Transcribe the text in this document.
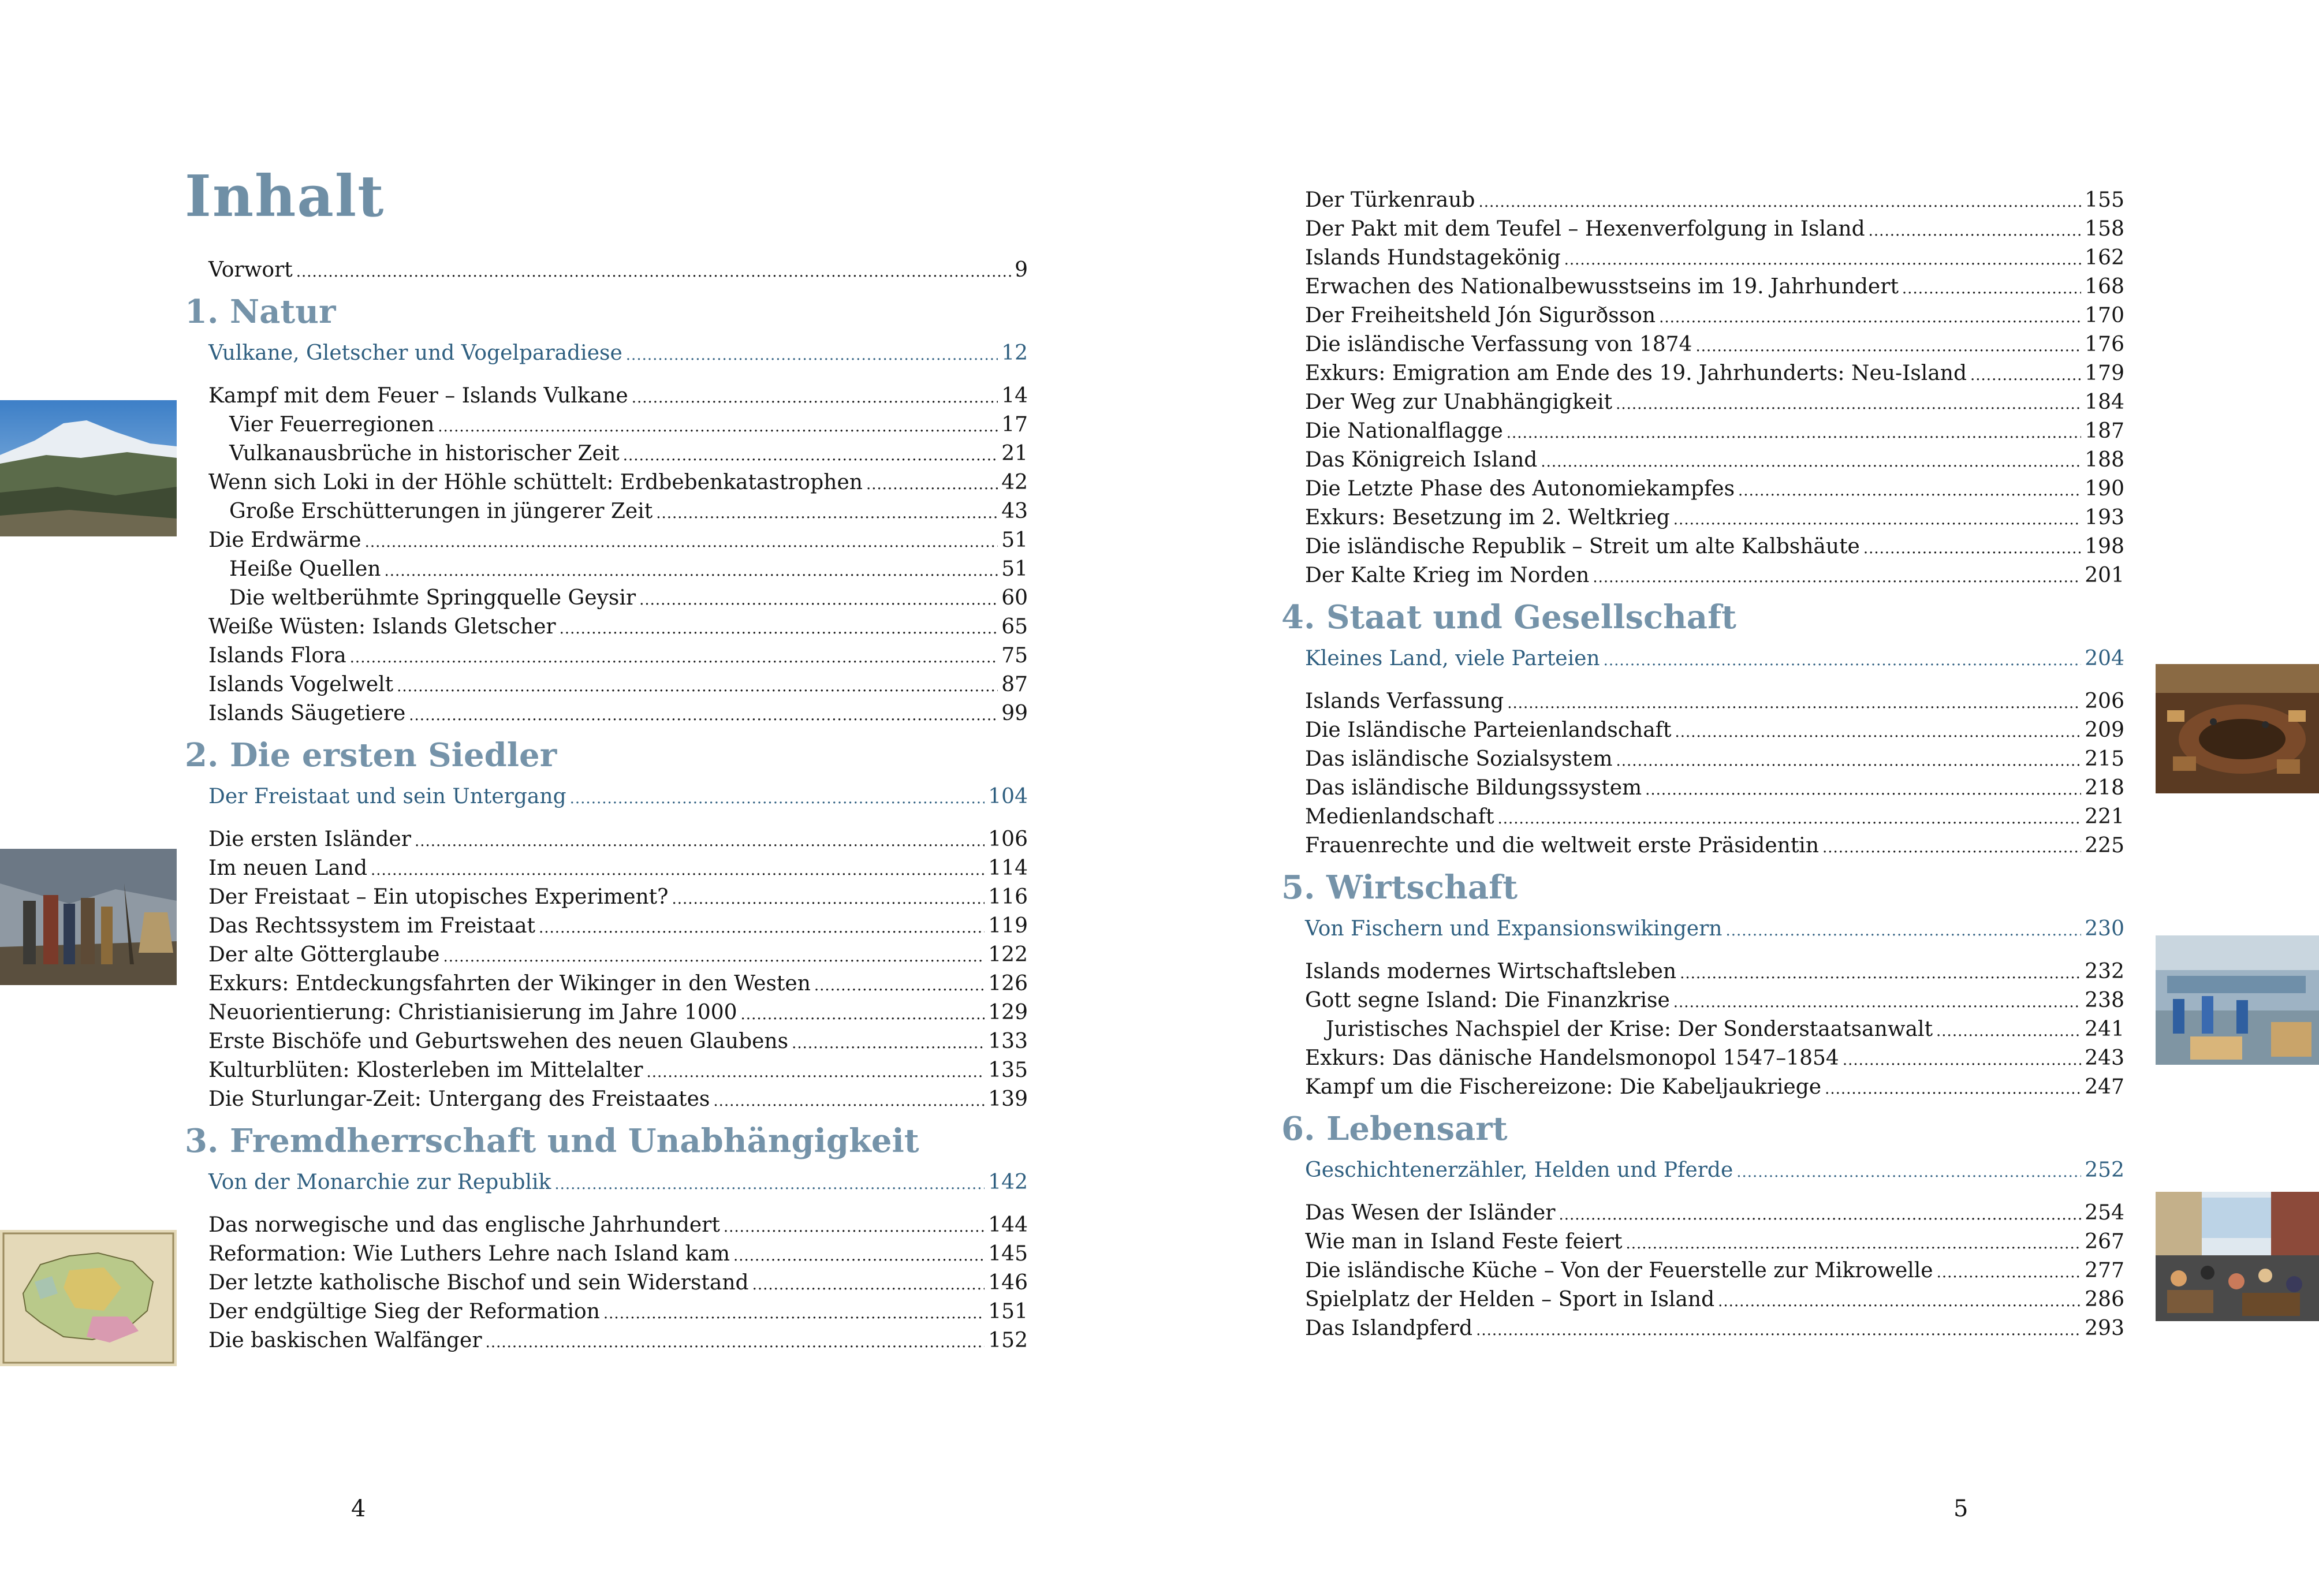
Inhalt
Vorwort .....	9
1. Natur
Vulkane, Gletscher und Vogelparadiese .....	12
Kampf mit dem Feuer – Islands Vulkane .....	14
Vier Feuerregionen .....	17
Vulkanausbrüche in historischer Zeit .....	21
Wenn sich Loki in der Höhle schüttelt: Erdbebenkatastrophen .....	42
Große Erschütterungen in jüngerer Zeit .....	43
Die Erdwärme .....	51
Heiße Quellen .....	51
Die weltberühmte Springquelle Geysir .....	60
Weiße Wüsten: Islands Gletscher .....	65
Islands Flora .....	75
Islands Vogelwelt .....	87
Islands Säugetiere .....	99
2. Die ersten Siedler
Der Freistaat und sein Untergang .....	104
Die ersten Isländer .....	106
Im neuen Land .....	114
Der Freistaat – Ein utopisches Experiment? .....	116
Das Rechtssystem im Freistaat .....	119
Der alte Götterglaube .....	122
Exkurs: Entdeckungsfahrten der Wikinger in den Westen .....	126
Neuorientierung: Christianisierung im Jahre 1000 .....	129
Erste Bischöfe und Geburtswehen des neuen Glaubens .....	133
Kulturblüten: Klosterleben im Mittelalter .....	135
Die Sturlungar-Zeit: Untergang des Freistaates .....	139
3. Fremdherrschaft und Unabhängigkeit
Von der Monarchie zur Republik .....	142
Das norwegische und das englische Jahrhundert .....	144
Reformation: Wie Luthers Lehre nach Island kam .....	145
Der letzte katholische Bischof und sein Widerstand .....	146
Der endgültige Sieg der Reformation .....	151
Die baskischen Walfänger .....	152
4
Der Türkenraub .....	155
Der Pakt mit dem Teufel – Hexenverfolgung in Island .....	158
Islands Hundstagekönig .....	162
Erwachen des Nationalbewusstseins im 19. Jahrhundert .....	168
Der Freiheitsheld Jón Sigurðsson .....	170
Die isländische Verfassung von 1874 .....	176
Exkurs: Emigration am Ende des 19. Jahrhunderts: Neu-Island .....	179
Der Weg zur Unabhängigkeit .....	184
Die Nationalflagge .....	187
Das Königreich Island .....	188
Die Letzte Phase des Autonomiekampfes .....	190
Exkurs: Besetzung im 2. Weltkrieg .....	193
Die isländische Republik – Streit um alte Kalbshäute .....	198
Der Kalte Krieg im Norden .....	201
4. Staat und Gesellschaft
Kleines Land, viele Parteien .....	204
Islands Verfassung .....	206
Die Isländische Parteienlandschaft .....	209
Das isländische Sozialsystem .....	215
Das isländische Bildungssystem .....	218
Medienlandschaft .....	221
Frauenrechte und die weltweit erste Präsidentin .....	225
5. Wirtschaft
Von Fischern und Expansionswikingern .....	230
Islands modernes Wirtschaftsleben .....	232
Gott segne Island: Die Finanzkrise .....	238
Juristisches Nachspiel der Krise: Der Sonderstaatsanwalt .....	241
Exkurs: Das dänische Handelsmonopol 1547–1854 .....	243
Kampf um die Fischereizone: Die Kabeljaukriege .....	247
6. Lebensart
Geschichtenerzähler, Helden und Pferde .....	252
Das Wesen der Isländer .....	254
Wie man in Island Feste feiert .....	267
Die isländische Küche – Von der Feuerstelle zur Mikrowelle .....	277
Spielplatz der Helden – Sport in Island .....	286
Das Islandpferd .....	293
5
